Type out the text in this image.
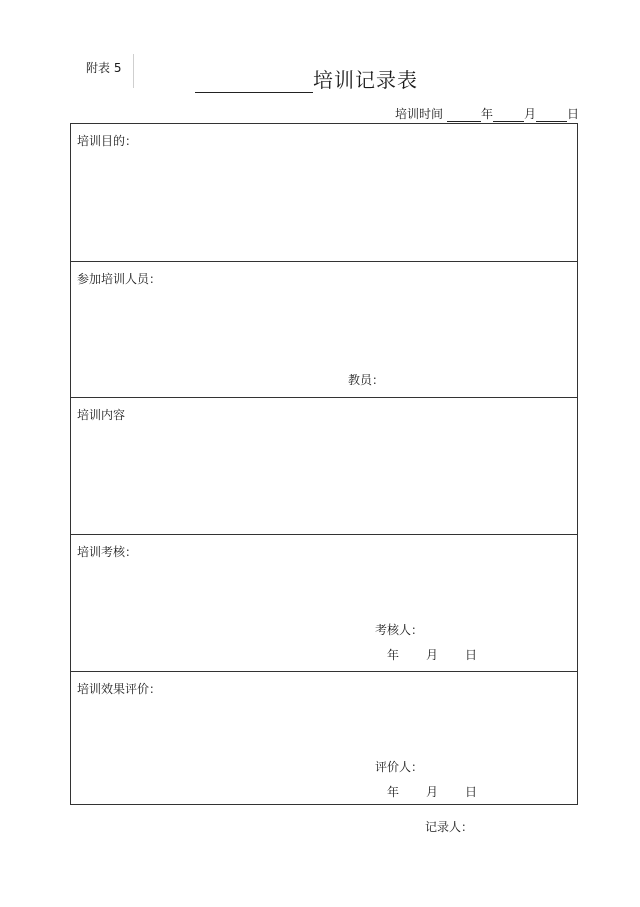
附表 5	培训记录表
培训时间	年	月	日
培训目的：
参加培训人员：
教员：
培训内容
培训考核：
考核人：
年	月	日
培训效果评价：
评价人：
年	月	日
记录人：
